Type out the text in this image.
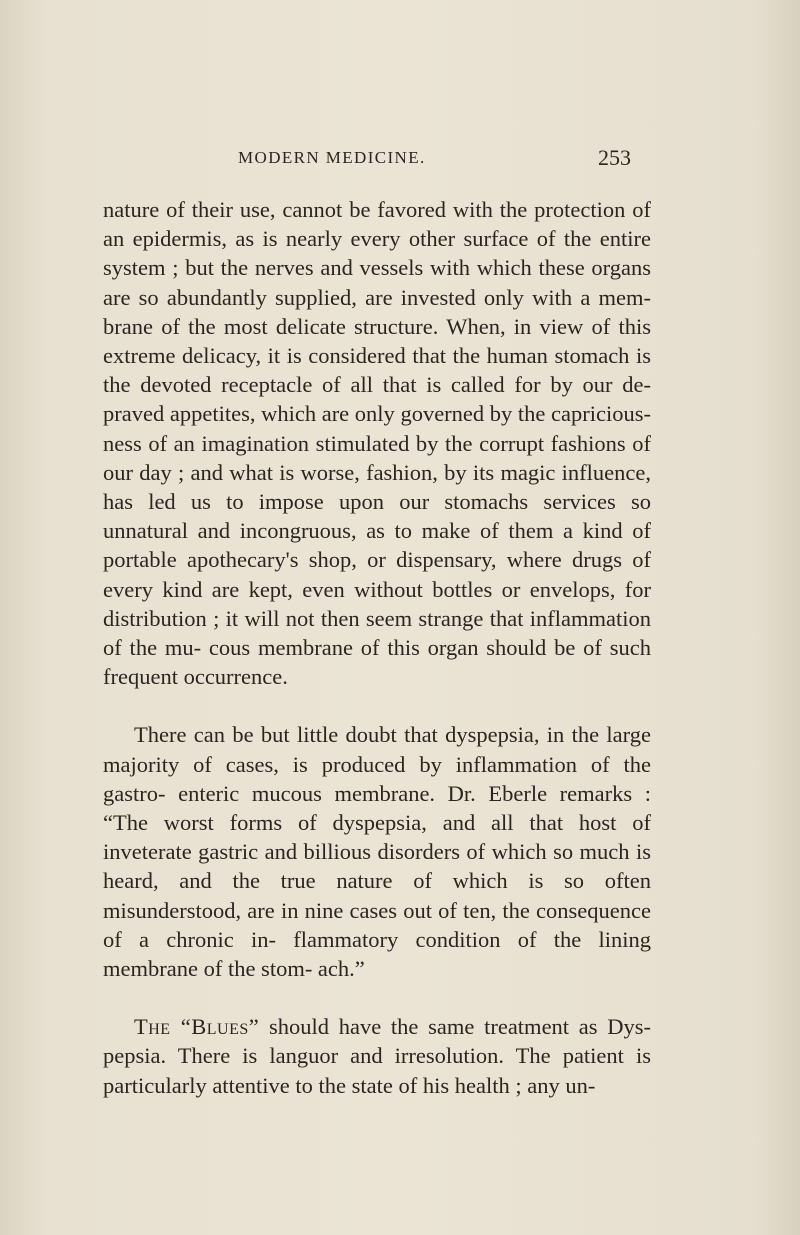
MODERN MEDICINE.	253

nature of their use, cannot be favored with the protection of an epidermis, as is nearly every other surface of the entire system ; but the nerves and vessels with which these organs are so abundantly supplied, are invested only with a mem- brane of the most delicate structure. When, in view of this extreme delicacy, it is considered that the human stomach is the devoted receptacle of all that is called for by our de- praved appetites, which are only governed by the capricious- ness of an imagination stimulated by the corrupt fashions of our day ; and what is worse, fashion, by its magic influence, has led us to impose upon our stomachs services so unnatural and incongruous, as to make of them a kind of portable apothecary's shop, or dispensary, where drugs of every kind are kept, even without bottles or envelops, for distribution ; it will not then seem strange that inflammation of the mu- cous membrane of this organ should be of such frequent occurrence.

There can be but little doubt that dyspepsia, in the large majority of cases, is produced by inflammation of the gastro- enteric mucous membrane. Dr. Eberle remarks : “The worst forms of dyspepsia, and all that host of inveterate gastric and billious disorders of which so much is heard, and the true nature of which is so often misunderstood, are in nine cases out of ten, the consequence of a chronic in- flammatory condition of the lining membrane of the stom- ach.”

The “Blues” should have the same treatment as Dys- pepsia. There is languor and irresolution. The patient is particularly attentive to the state of his health ; any un-
